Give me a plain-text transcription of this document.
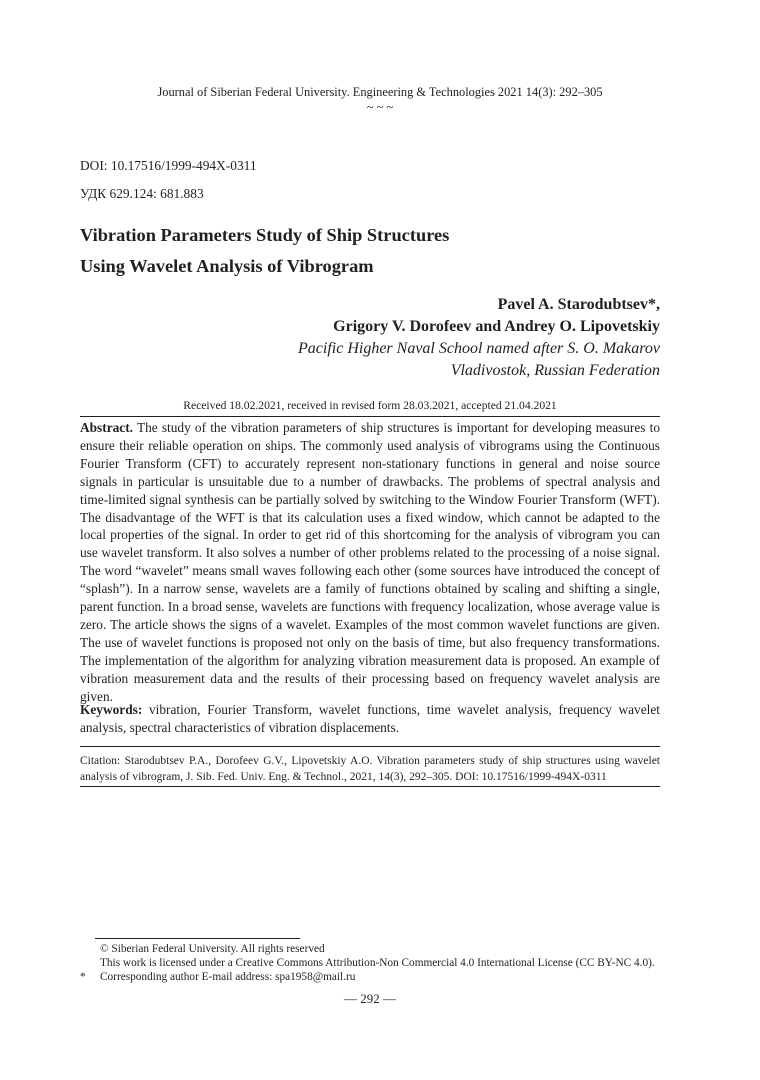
Journal of Siberian Federal University. Engineering & Technologies 2021 14(3): 292–305
~ ~ ~
DOI: 10.17516/1999-494X-0311
УДК 629.124: 681.883
Vibration Parameters Study of Ship Structures
Using Wavelet Analysis of Vibrogram
Pavel A. Starodubtsev*,
Grigory V. Dorofeev and Andrey O. Lipovetskiy
Pacific Higher Naval School named after S. O. Makarov
Vladivostok, Russian Federation
Received 18.02.2021, received in revised form 28.03.2021, accepted 21.04.2021
Abstract. The study of the vibration parameters of ship structures is important for developing measures to ensure their reliable operation on ships. The commonly used analysis of vibrograms using the Continuous Fourier Transform (CFT) to accurately represent non-stationary functions in general and noise source signals in particular is unsuitable due to a number of drawbacks. The problems of spectral analysis and time-limited signal synthesis can be partially solved by switching to the Window Fourier Transform (WFT). The disadvantage of the WFT is that its calculation uses a fixed window, which cannot be adapted to the local properties of the signal. In order to get rid of this shortcoming for the analysis of vibrogram you can use wavelet transform. It also solves a number of other problems related to the processing of a noise signal. The word “wavelet” means small waves following each other (some sources have introduced the concept of “splash”). In a narrow sense, wavelets are a family of functions obtained by scaling and shifting a single, parent function. In a broad sense, wavelets are functions with frequency localization, whose average value is zero. The article shows the signs of a wavelet. Examples of the most common wavelet functions are given. The use of wavelet functions is proposed not only on the basis of time, but also frequency transformations. The implementation of the algorithm for analyzing vibration measurement data is proposed. An example of vibration measurement data and the results of their processing based on frequency wavelet analysis are given.
Keywords: vibration, Fourier Transform, wavelet functions, time wavelet analysis, frequency wavelet analysis, spectral characteristics of vibration displacements.
Citation: Starodubtsev P.A., Dorofeev G.V., Lipovetskiy A.O. Vibration parameters study of ship structures using wavelet analysis of vibrogram, J. Sib. Fed. Univ. Eng. & Technol., 2021, 14(3), 292–305. DOI: 10.17516/1999-494X-0311
© Siberian Federal University. All rights reserved
This work is licensed under a Creative Commons Attribution-Non Commercial 4.0 International License (CC BY-NC 4.0).
* Corresponding author E-mail address: spa1958@mail.ru
— 292 —
